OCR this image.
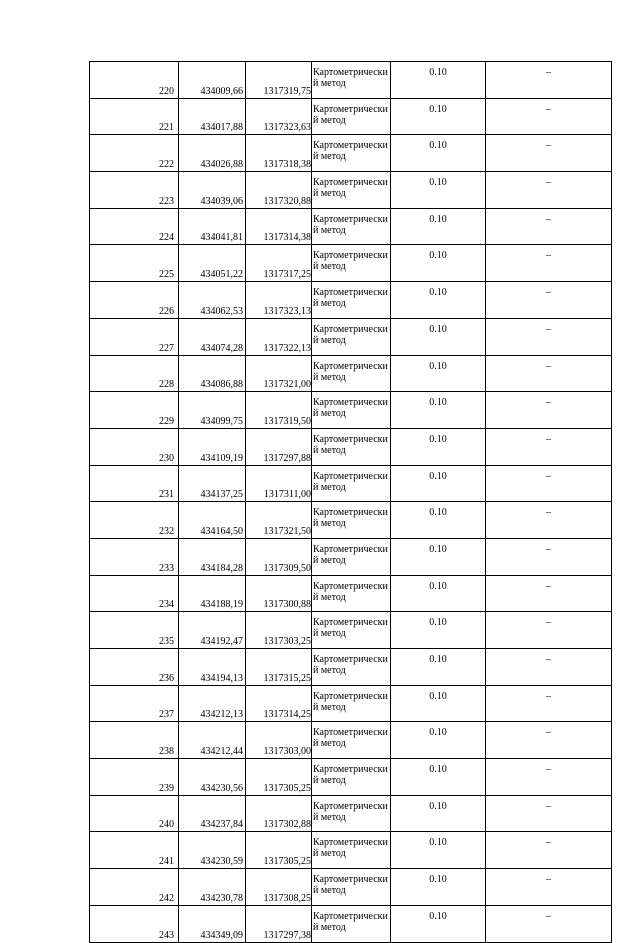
220	434009,66	1317319,75	Картометрический метод	0.10	–
221	434017,88	1317323,63	Картометрический метод	0.10	–
222	434026,88	1317318,38	Картометрический метод	0.10	–
223	434039,06	1317320,88	Картометрический метод	0.10	–
224	434041,81	1317314,38	Картометрический метод	0.10	–
225	434051,22	1317317,25	Картометрический метод	0.10	–
226	434062,53	1317323,13	Картометрический метод	0.10	–
227	434074,28	1317322,13	Картометрический метод	0.10	–
228	434086,88	1317321,00	Картометрический метод	0.10	–
229	434099,75	1317319,50	Картометрический метод	0.10	–
230	434109,19	1317297,88	Картометрический метод	0.10	–
231	434137,25	1317311,00	Картометрический метод	0.10	–
232	434164,50	1317321,50	Картометрический метод	0.10	–
233	434184,28	1317309,50	Картометрический метод	0.10	–
234	434188,19	1317300,88	Картометрический метод	0.10	–
235	434192,47	1317303,25	Картометрический метод	0.10	–
236	434194,13	1317315,25	Картометрический метод	0.10	–
237	434212,13	1317314,25	Картометрический метод	0.10	–
238	434212,44	1317303,00	Картометрический метод	0.10	–
239	434230,56	1317305,25	Картометрический метод	0.10	–
240	434237,84	1317302,88	Картометрический метод	0.10	–
241	434230,59	1317305,25	Картометрический метод	0.10	–
242	434230,78	1317308,25	Картометрический метод	0.10	–
243	434349,09	1317297,38	Картометрический метод	0.10	–
